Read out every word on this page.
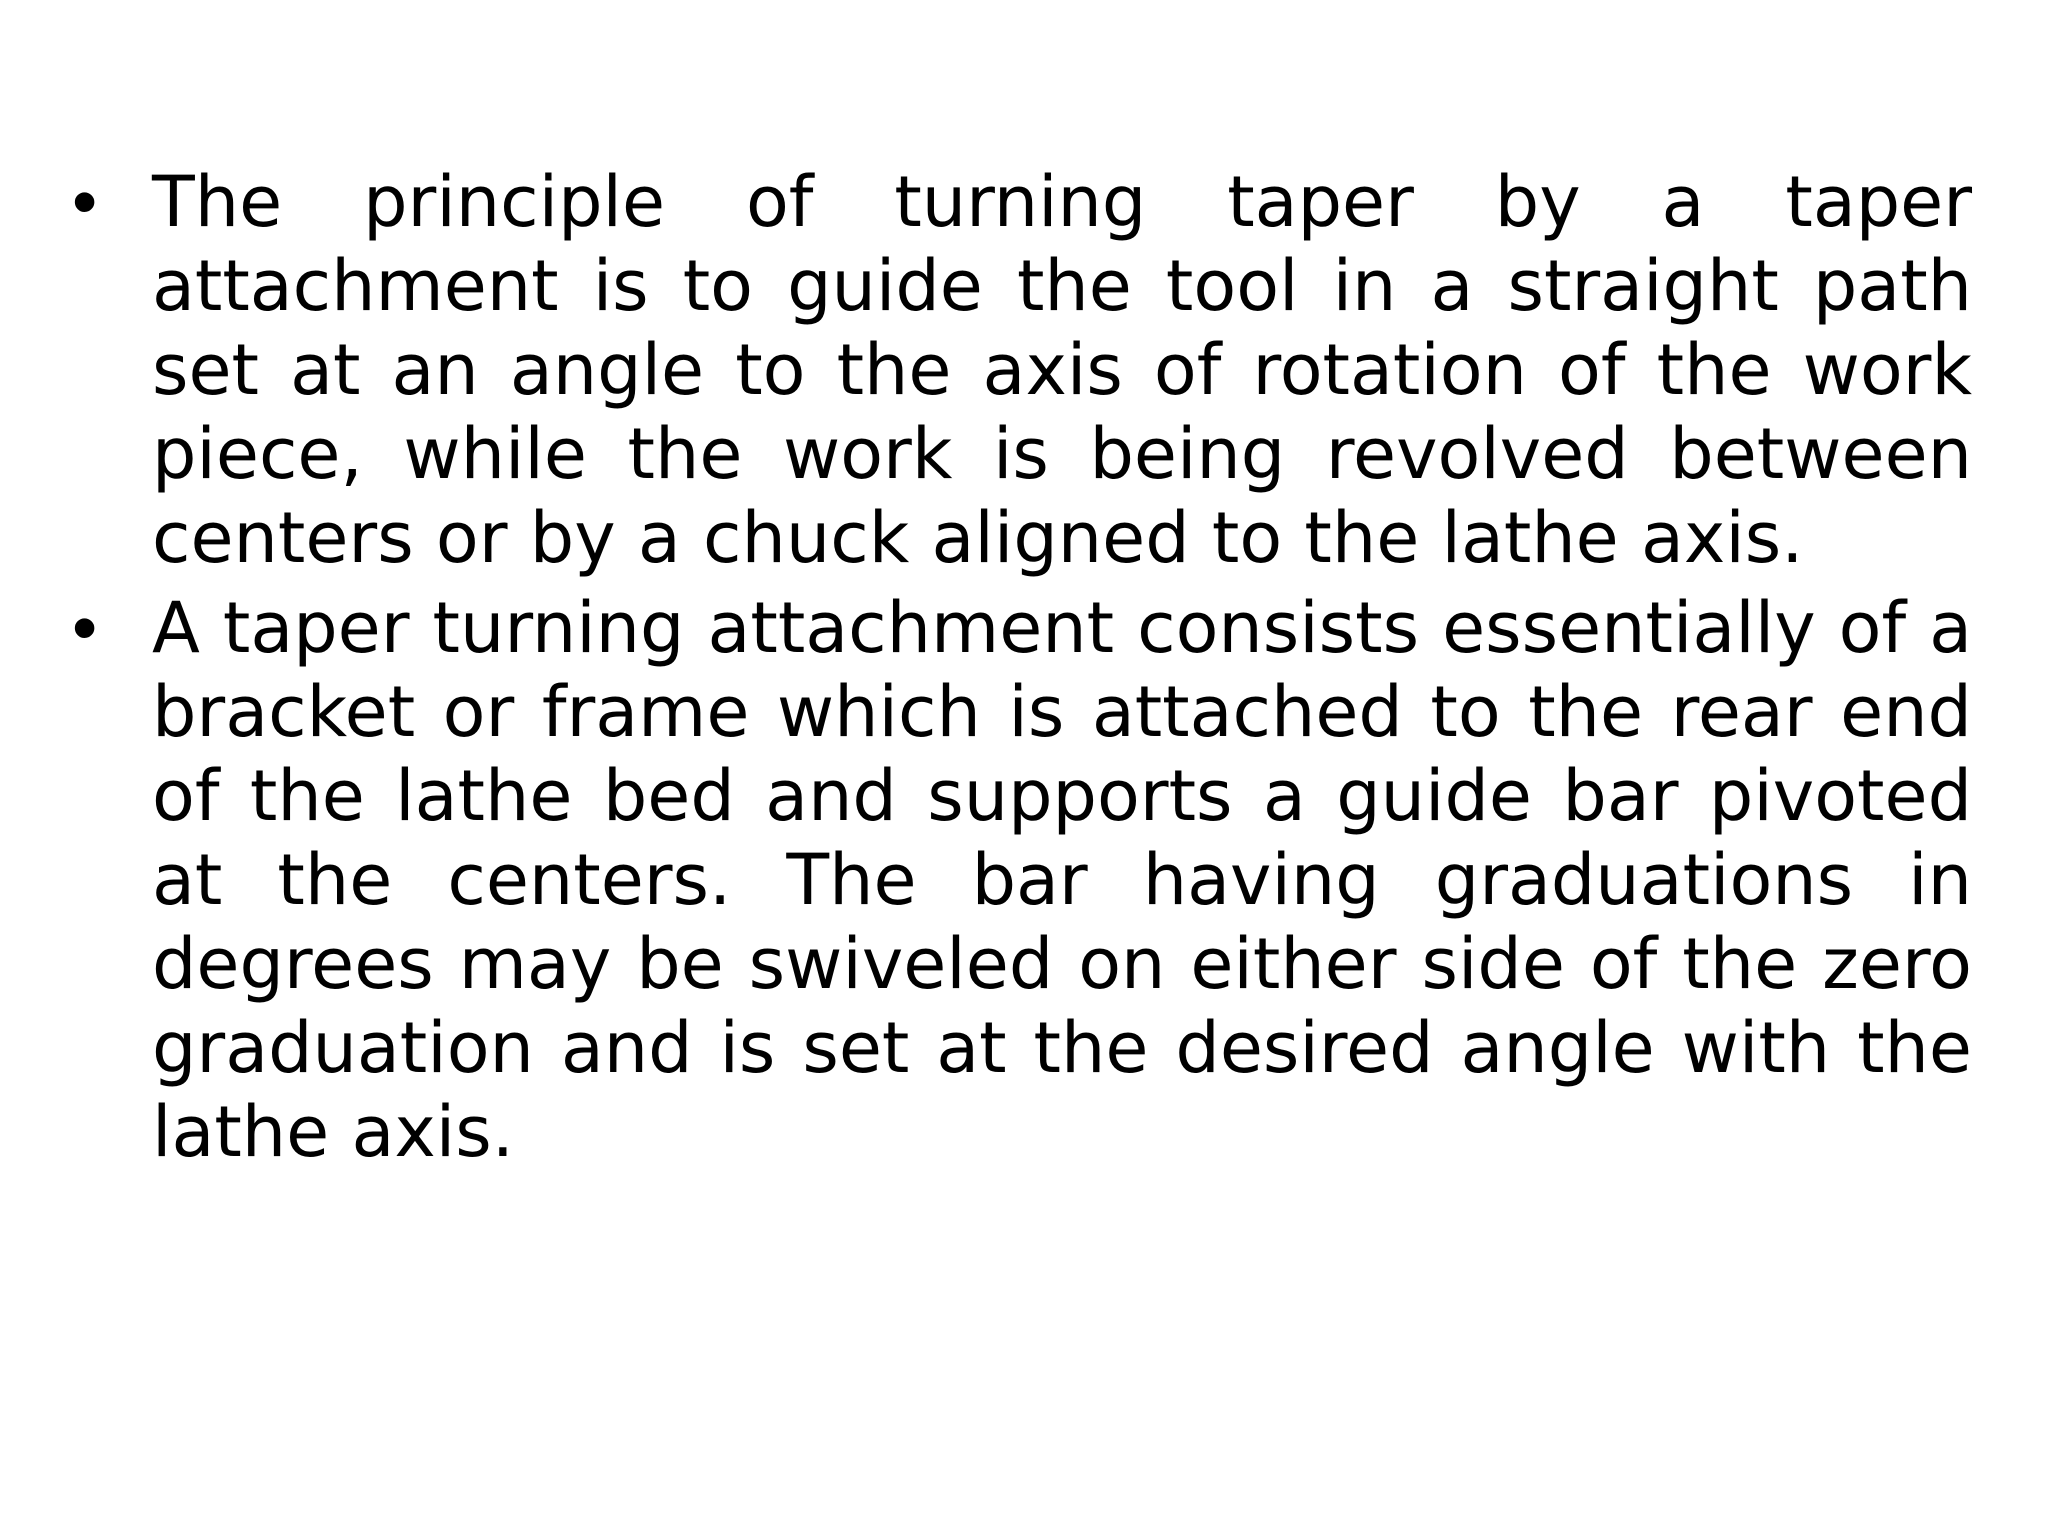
• The principle of turning taper by a taper attachment is to guide the tool in a straight path set at an angle to the axis of rotation of the work piece, while the work is being revolved between centers or by a chuck aligned to the lathe axis.
• A taper turning attachment consists essentially of a bracket or frame which is attached to the rear end of the lathe bed and supports a guide bar pivoted at the centers. The bar having graduations in degrees may be swiveled on either side of the zero graduation and is set at the desired angle with the lathe axis.
